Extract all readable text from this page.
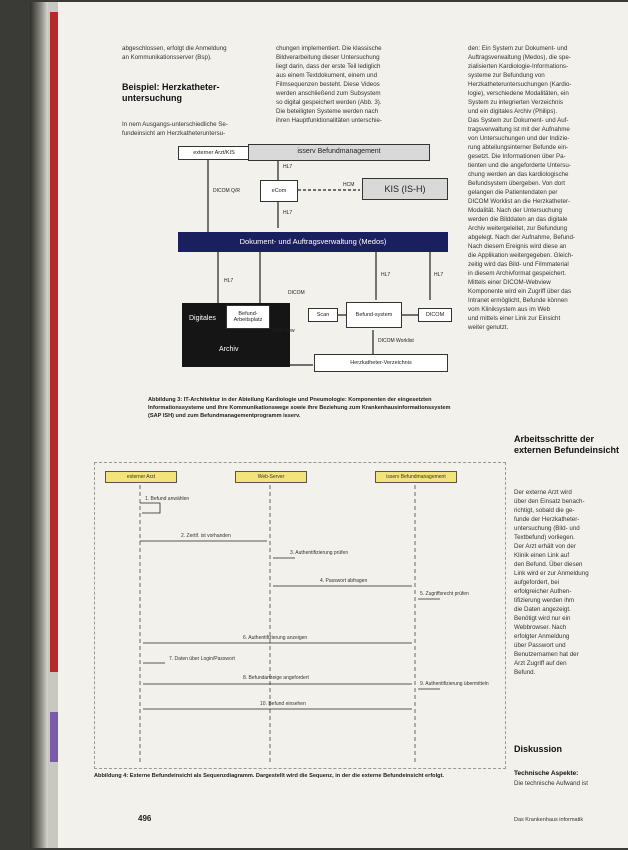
abgeschlossen, erfolgt die Anmeldung

an Kommunikationsserver (Bsp).

Beispiel: Herzkatheter-untersuchung

In nem Ausgangs-unterschiedliche Se-

fundeinsicht am Herzkatheteruntersu-

chungen implementiert. Die klassische

Bildverarbeitung dieser Untersuchung

liegt darin, dass der erste Teil lediglich

aus einem Textdokument, einem und

Filmsequenzen besteht. Diese Videos

werden anschließend zum Subsystem

so digital gespeichert werden (Abb. 3).

Die beteiligten Systeme werden nach

ihren Hauptfunktionalitäten unterschie-

den: Ein System zur Dokument- und

Auftragsverwaltung (Medos), die spe-

zialisierten Kardiologie-Informations-

systeme zur Befundung von

Herzkatheteruntersuchungen (Kardio-

logie), verschiedene Modalitäten, ein

System zu integrierten Verzeichnis

und ein digitales Archiv (Philips).

Das System zur Dokument- und Auf-

tragsverwaltung ist mit der Aufnahme

von Untersuchungen und der Indizie-

rung abteilungsinterner Befunde ein-

gesetzt. Die Informationen über Pa-

tienten und die angeforderte Untersu-

chung werden an das kardiologische

Befundsystem übergeben. Von dort

gelangen die Patientendaten per

DICOM Worklist an die Herzkatheter-

Modalität. Nach der Untersuchung

werden die Bilddaten an das digitale

Archiv weitergeleitet, zur Befundung

abgelegt. Nach der Aufnahme, Befund-

Nach diesem Ereignis wird diese an

die Applikation weitergegeben. Gleich-

zeitig wird das Bild- und Filmmaterial

in diesem Archivformat gespeichert.

Mittels einer DICOM-Webview

Komponente wird ein Zugriff über das

Intranet ermöglicht, Befunde können

vom Kliniksystem aus im Web

und mittels einer Link zur Einsicht

weiter genutzt.

Arbeitsschritte der externen Befundeinsicht

Der externe Arzt wird

über den Einsatz benach-

richtigt, sobald die ge-

funde der Herzkatheter-

untersuchung (Bild- und

Textbefund) vorliegen.

Der Arzt erhält von der

Klinik einen Link auf

den Befund. Über diesen

Link wird er zur Anmeldung

aufgefordert, bei

erfolgreicher Authen-

tifizierung werden ihm

die Daten angezeigt.

Benötigt wird nur ein

Webbrowser. Nach

erfolgter Anmeldung

über Passwort und

Benutzernamen hat der

Arzt Zugriff auf den

Befund.

Diskussion
Technische Aspekte:
Die technische Aufwand ist
externer Arzt/KIS	isserv Befundmanagement
HL7
DICOM Q/R	eCom
HCM	KIS (IS-H)
HL7
Dokument- und Auftragsverwaltung (Medos)
HL7
HL7	HL7
DICOM
Digitales
Archiv
Befund-Arbeitsplatz
Web-View
Scan	Befund-system	DICOM
DICOM Worklist
Herzkatheter-Verzeichnis
Abbildung 3: IT-Architektur in der Abteilung Kardiologie und Pneumologie: Komponenten der eingesetzten Informationssysteme und ihre Kommunikationswege sowie ihre Beziehung zum Krankenhausinformationssystem (SAP ISH) und zum Befundmanagementprogramm isserv.
externer Arzt	Web-Server	isserv Befundmanagement
1. Befund anwählen
2. Zertif. ist vorhanden
3. Authentifizierung prüfen
4. Passwort abfragen
5. Zugriffsrecht prüfen
6. Authentifizierung anzeigen
7. Daten über Login/Passwort
8. Befundanzeige angefordert
9. Authentifizierung übermitteln
10. Befund einsehen
Abbildung 4: Externe Befundeinsicht als Sequenzdiagramm. Dargestellt wird die Sequenz, in der die externe Befundeinsicht erfolgt.
496	Das Krankenhaus informatik
